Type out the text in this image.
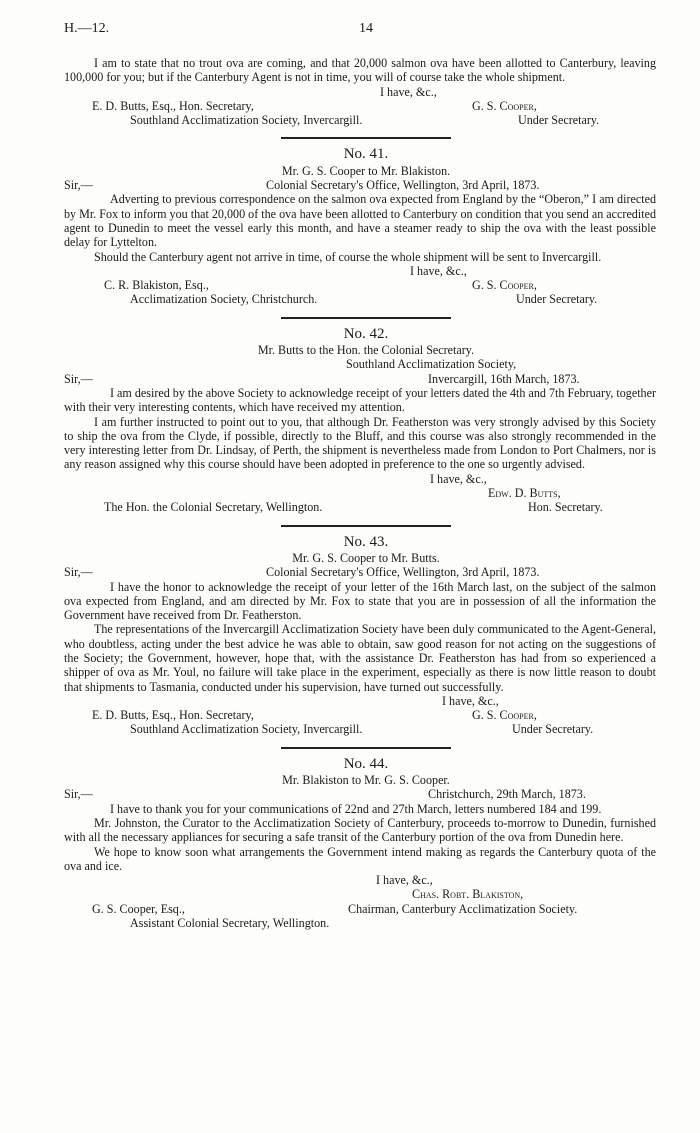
H.—12.	14

I am to state that no trout ova are coming, and that 20,000 salmon ova have been allotted to Canterbury, leaving 100,000 for you; but if the Canterbury Agent is not in time, you will of course take the whole shipment.

I have, &c.,
E. D. Butts, Esq., Hon. Secretary,	G. S. Cooper,
Southland Acclimatization Society, Invercargill.	Under Secretary.
No. 41.
Mr. G. S. Cooper to Mr. Blakiston.
Sir,—	Colonial Secretary's Office, Wellington, 3rd April, 1873.

Adverting to previous correspondence on the salmon ova expected from England by the “Oberon,” I am directed by Mr. Fox to inform you that 20,000 of the ova have been allotted to Canterbury on condition that you send an accredited agent to Dunedin to meet the vessel early this month, and have a steamer ready to ship the ova with the least possible delay for Lyttelton.

Should the Canterbury agent not arrive in time, of course the whole shipment will be sent to Invercargill.

I have, &c.,
C. R. Blakiston, Esq.,	G. S. Cooper,
Acclimatization Society, Christchurch.	Under Secretary.
No. 42.
Mr. Butts to the Hon. the Colonial Secretary.
Southland Acclimatization Society,
Sir,—	Invercargill, 16th March, 1873.

I am desired by the above Society to acknowledge receipt of your letters dated the 4th and 7th February, together with their very interesting contents, which have received my attention.

I am further instructed to point out to you, that although Dr. Featherston was very strongly advised by this Society to ship the ova from the Clyde, if possible, directly to the Bluff, and this course was also strongly recommended in the very interesting letter from Dr. Lindsay, of Perth, the shipment is nevertheless made from London to Port Chalmers, nor is any reason assigned why this course should have been adopted in preference to the one so urgently advised.

I have, &c.,
Edw. D. Butts,
The Hon. the Colonial Secretary, Wellington.	Hon. Secretary.
No. 43.
Mr. G. S. Cooper to Mr. Butts.
Sir,—	Colonial Secretary's Office, Wellington, 3rd April, 1873.

I have the honor to acknowledge the receipt of your letter of the 16th March last, on the subject of the salmon ova expected from England, and am directed by Mr. Fox to state that you are in possession of all the information the Government have received from Dr. Featherston.

The representations of the Invercargill Acclimatization Society have been duly communicated to the Agent-General, who doubtless, acting under the best advice he was able to obtain, saw good reason for not acting on the suggestions of the Society; the Government, however, hope that, with the assistance Dr. Featherston has had from so experienced a shipper of ova as Mr. Youl, no failure will take place in the experiment, especially as there is now little reason to doubt that shipments to Tasmania, conducted under his supervision, have turned out successfully.

I have, &c.,
E. D. Butts, Esq., Hon. Secretary,	G. S. Cooper,
Southland Acclimatization Society, Invercargill.	Under Secretary.
No. 44.
Mr. Blakiston to Mr. G. S. Cooper.
Sir,—	Christchurch, 29th March, 1873.

I have to thank you for your communications of 22nd and 27th March, letters numbered 184 and 199.

Mr. Johnston, the Curator to the Acclimatization Society of Canterbury, proceeds to-morrow to Dunedin, furnished with all the necessary appliances for securing a safe transit of the Canterbury portion of the ova from Dunedin here.

We hope to know soon what arrangements the Government intend making as regards the Canterbury quota of the ova and ice.

I have, &c.,
Chas. Robt. Blakiston,
G. S. Cooper, Esq.,	Chairman, Canterbury Acclimatization Society.
Assistant Colonial Secretary, Wellington.
